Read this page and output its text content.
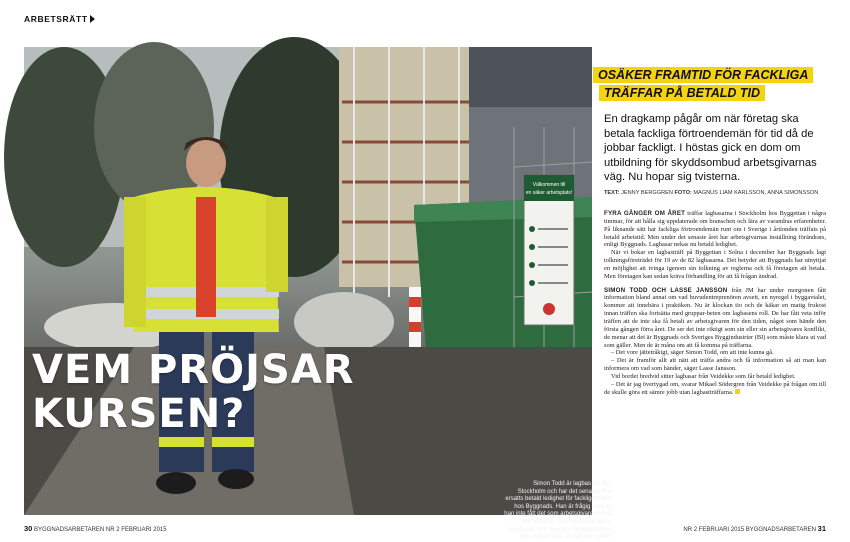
ARBETSRÄTT
Välkommen till
en säker arbetsplats!
Simon Todd är lagbas på JM i Stockholm och har det senaste året ersatts betald ledighet för fackliga träffar hos Byggnads. Han är frågig med att han inte fått det som arbetsgivare ordnat har beslutat. Han menar att det är Byggnads och Sveriges Byggindustrier som måste reda ut vad som gäller.
VEM PRÖJSAR
KURSEN?
OSÄKER FRAMTID FÖR FACKLIGA
TRÄFFAR PÅ BETALD TID
En dragkamp pågår om när företag ska betala fackliga förtroendemän för tid då de jobbar fackligt. I höstas gick en dom om utbildning för skyddsombud arbetsgivarnas väg. Nu hopar sig tvisterna.
TEXT: JENNY BERGGREN FOTO: MAGNUS LIAM KARLSSON, ANNA SIMONSSON

FYRA GÅNGER OM ÅRET träffar lagbasarna i Stockholm hos Byggettan i några timmar, för att hålla sig uppdaterade om branschen och lära av varandras erfarenheter. På liknande sätt har fackliga förtroendemän runt om i Sverige i årtionden träffats på betald arbetstid. Men under det senaste året har arbetsgivarnas inställning förändrats, enligt Byggnads. Lagbasar nekas nu betald ledighet.

När vi bokar en lagbasträff på Byggettan i Solna i december har Byggnads lagt tolkningsföreträdet för 19 av de 82 lagbasarna. Det betyder att Byggnads har utnyttjat en möjlighet att tvinga igenom sin tolkning av reglerna och få företagen att betala. Men företagen kan sedan kräva förhandling för att få frågan ändrad.

SIMON TODD OCH LASSE JANSSON från JM har under morgonen fått information bland annat om vad huvudentreprenören avsett, en nyregel i byggavtalet, kommer att innebära i praktiken. Nu är klockan tio och de käkar en matig frukost innan träffen ska fortsätta med gruppar-beten om lagbasens roll. De har fått veta inför träffen att de inte ska få betalt av arbetsgivaren för den tiden, något som hände den första gången förra året. De ser det inte riktigt som sin eller sin arbetsgivares konflikt, de menar att det är Byggnads och Sveriges Byggindustrier (BI) som måste klara ut vad som gäller. Men de är måna om att få komma på träffarna.

– Det vore jättetråkigt, säger Simon Todd, om att inte kunna gå.

– Det är framför allt att nätt att träffa andra och få information så att man kan informera om vad som händer, säger Lasse Jansson.

Vid bordet bredvid sitter lagbasar från Veidekke som får betald ledighet.

– Det är jag övertygad om, svarar Mikael Södergren från Veidekke på frågan om till de skulle göra ett sämre jobb utan lagbastträffarna.

30 BYGGNADSARBETAREN NR 2 FEBRUARI 2015	NR 2 FEBRUARI 2015 BYGGNADSARBETAREN 31
